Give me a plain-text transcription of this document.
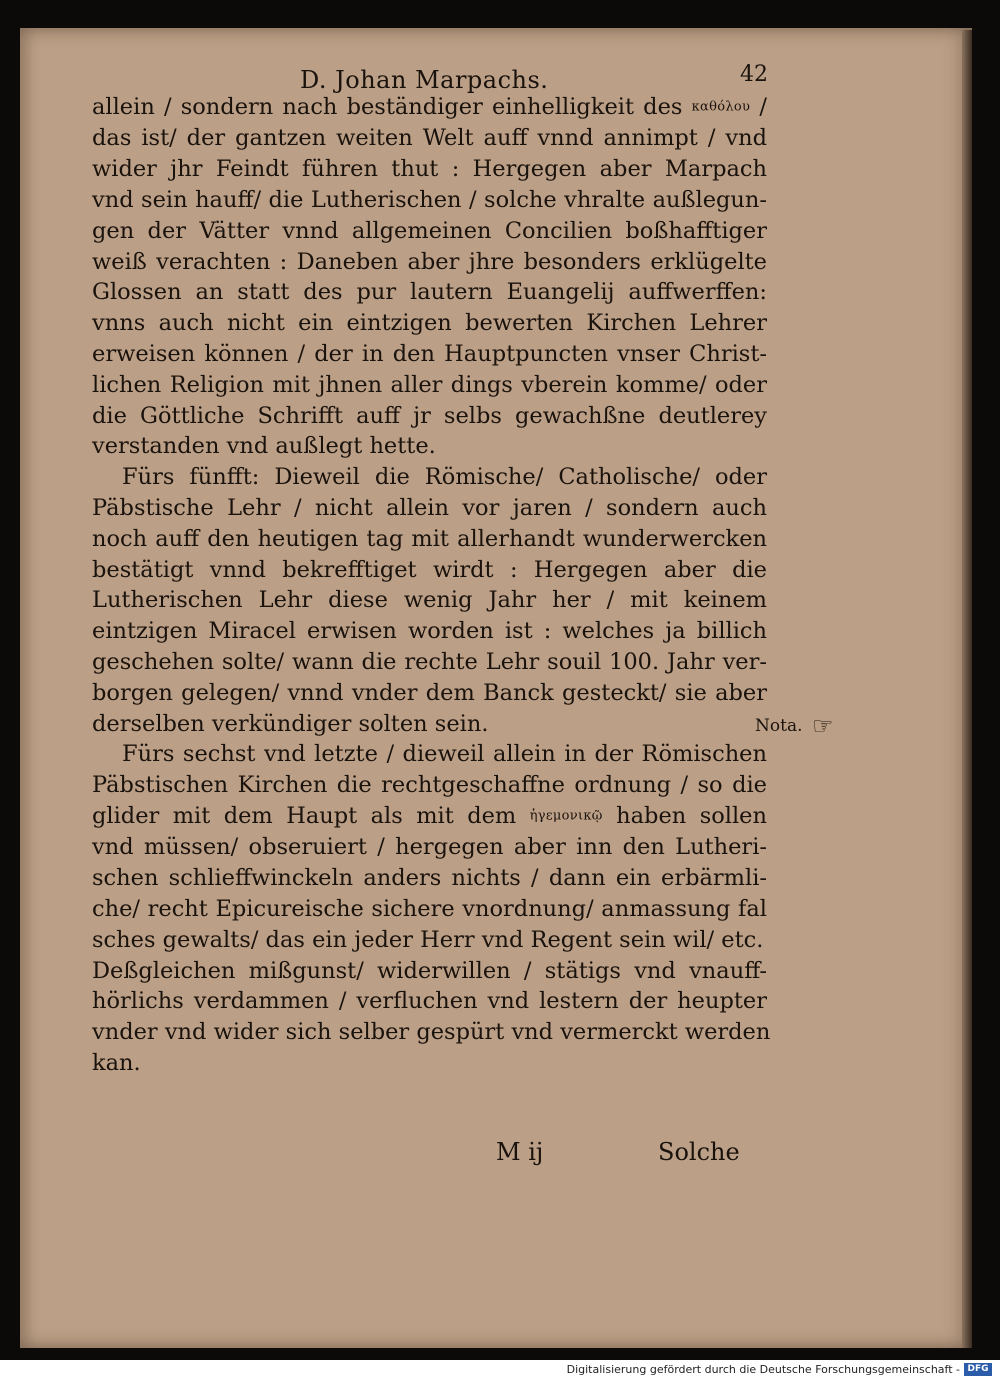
D. Johan Marpachs.	42
allein / sondern nach beständiger einhelligkeit des καθόλου /
das ist/ der gantzen weiten Welt auff vnnd annimpt / vnd
wider jhr Feindt führen thut : Hergegen aber Marpach
vnd sein hauff/ die Lutherischen / solche vhralte außlegun-
gen der Vätter vnnd allgemeinen Concilien boßhafftiger
weiß verachten : Daneben aber jhre besonders erklügelte
Glossen an statt des pur lautern Euangelij auffwerffen:
vnns auch nicht ein eintzigen bewerten Kirchen Lehrer
erweisen können / der in den Hauptpuncten vnser Christ-
lichen Religion mit jhnen aller dings vberein komme/ oder
die Göttliche Schrifft auff jr selbs gewachßne deutlerey
verstanden vnd außlegt hette.
Fürs fünfft: Dieweil die Römische/ Catholische/ oder
Päbstische Lehr / nicht allein vor jaren / sondern auch
noch auff den heutigen tag mit allerhandt wunderwercken
bestätigt vnnd bekrefftiget wirdt : Hergegen aber die
Lutherischen Lehr diese wenig Jahr her / mit keinem
eintzigen Miracel erwisen worden ist : welches ja billich
geschehen solte/ wann die rechte Lehr souil 100. Jahr ver-
borgen gelegen/ vnnd vnder dem Banck gesteckt/ sie aber
derselben verkündiger solten sein.
Fürs sechst vnd letzte / dieweil allein in der Römischen
Päbstischen Kirchen die rechtgeschaffne ordnung / so die
glider mit dem Haupt als mit dem ἡγεμονικῷ haben sollen
vnd müssen/ obseruiert / hergegen aber inn den Lutheri-
schen schlieffwinckeln anders nichts / dann ein erbärmli-
che/ recht Epicureische sichere vnordnung/ anmassung fal
sches gewalts/ das ein jeder Herr vnd Regent sein wil/ etc.
Deßgleichen mißgunst/ widerwillen / stätigs vnd vnauff-
hörlichs verdammen / verfluchen vnd lestern der heupter
vnder vnd wider sich selber gespürt vnd vermerckt werden
kan.
Nota. ☞
M ij	Solche
Digitalisierung gefördert durch die Deutsche Forschungsgemeinschaft - DFG
